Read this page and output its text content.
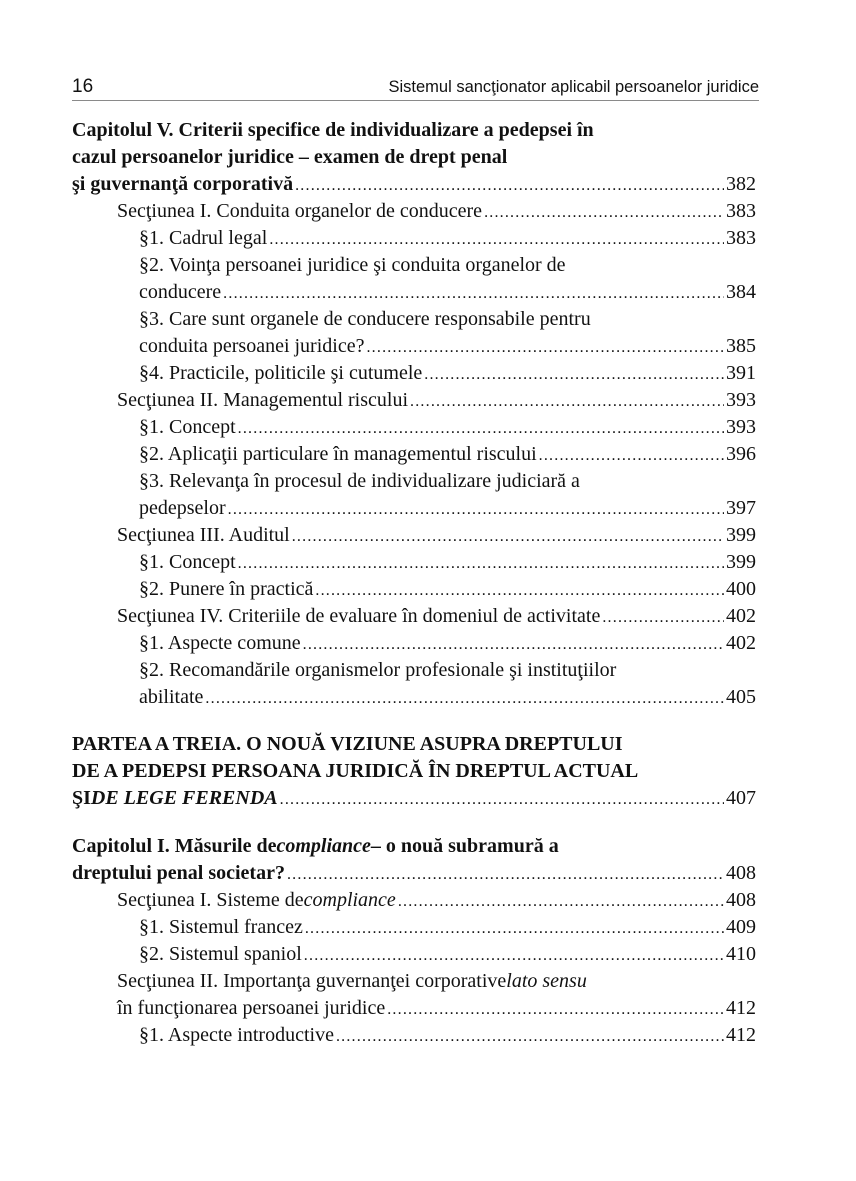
16	Sistemul sancţionator aplicabil persoanelor juridice
Capitolul V. Criterii specifice de individualizare a pedepsei în
cazul persoanelor juridice – examen de drept penal
şi guvernanţă corporativă .....	382
Secţiunea I. Conduita organelor de conducere .....	383
§1. Cadrul legal .....	383
§2. Voinţa persoanei juridice şi conduita organelor de
conducere .....	384
§3. Care sunt organele de conducere responsabile pentru
conduita persoanei juridice? .....	385
§4. Practicile, politicile şi cutumele .....	391
Secţiunea II. Managementul riscului .....	393
§1. Concept .....	393
§2. Aplicaţii particulare în managementul riscului .....	396
§3. Relevanţa în procesul de individualizare judiciară a
pedepselor .....	397
Secţiunea III. Auditul .....	399
§1. Concept .....	399
§2. Punere în practică .....	400
Secţiunea IV. Criteriile de evaluare în domeniul de activitate .....	402
§1. Aspecte comune .....	402
§2. Recomandările organismelor profesionale şi instituţiilor
abilitate .....	405
PARTEA A TREIA. O NOUĂ VIZIUNE ASUPRA DREPTULUI
DE A PEDEPSI PERSOANA JURIDICĂ ÎN DREPTUL ACTUAL
ŞI DE LEGE FERENDA .....	407
Capitolul I. Măsurile de compliance – o nouă subramură a
dreptului penal societar? .....	408
Secţiunea I. Sisteme de compliance .....	408
§1. Sistemul francez .....	409
§2. Sistemul spaniol .....	410
Secţiunea II. Importanţa guvernanţei corporative lato sensu
în funcţionarea persoanei juridice .....	412
§1. Aspecte introductive .....	412
